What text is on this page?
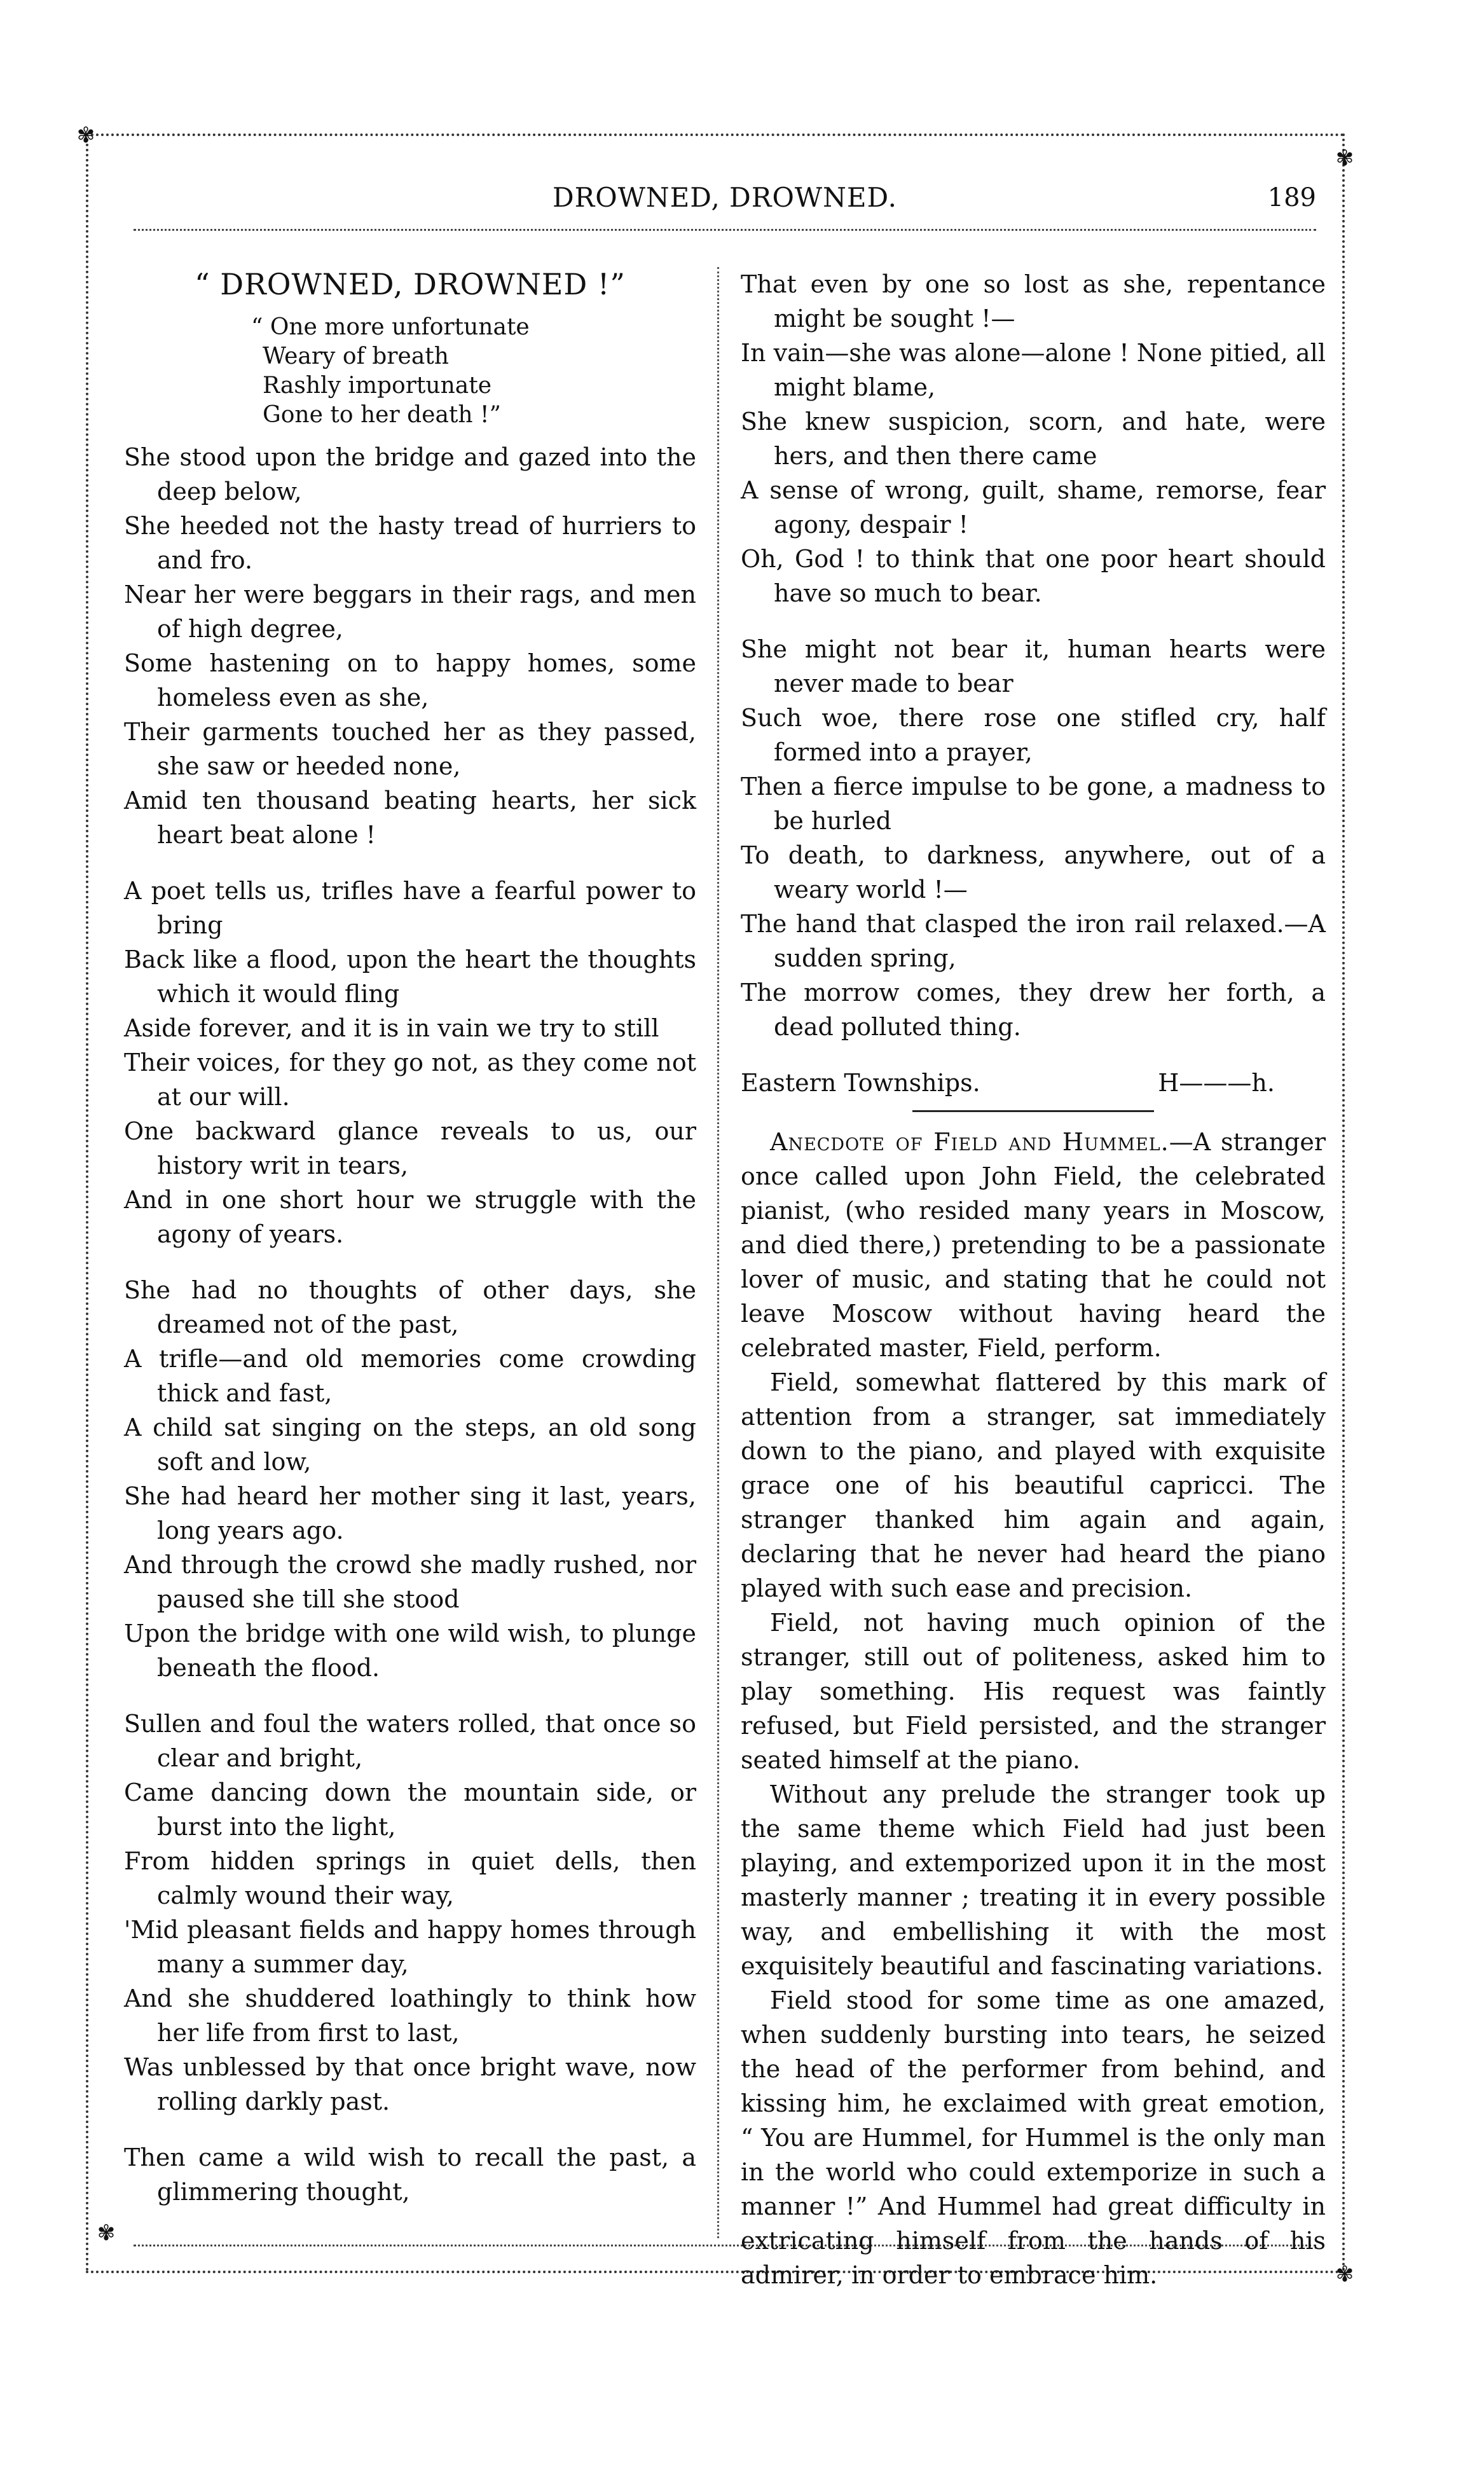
✾
✾
✾
✾
DROWNED, DROWNED.	189
“ DROWNED, DROWNED !”
“ One more unfortunate
Weary of breath
Rashly importunate
Gone to her death !”

She stood upon the bridge and gazed into the deep below,

She heeded not the hasty tread of hurriers to and fro.

Near her were beggars in their rags, and men of high degree,

Some hastening on to happy homes, some homeless even as she,

Their garments touched her as they passed, she saw or heeded none,

Amid ten thousand beating hearts, her sick heart beat alone !

A poet tells us, trifles have a fearful power to bring

Back like a flood, upon the heart the thoughts which it would fling

Aside forever, and it is in vain we try to still

Their voices, for they go not, as they come not at our will.

One backward glance reveals to us, our history writ in tears,

And in one short hour we struggle with the agony of years.

She had no thoughts of other days, she dreamed not of the past,

A trifle—and old memories come crowding thick and fast,

A child sat singing on the steps, an old song soft and low,

She had heard her mother sing it last, years, long years ago.

And through the crowd she madly rushed, nor paused she till she stood

Upon the bridge with one wild wish, to plunge beneath the flood.

Sullen and foul the waters rolled, that once so clear and bright,

Came dancing down the mountain side, or burst into the light,

From hidden springs in quiet dells, then calmly wound their way,

'Mid pleasant fields and happy homes through many a summer day,

And she shuddered loathingly to think how her life from first to last,

Was unblessed by that once bright wave, now rolling darkly past.

Then came a wild wish to recall the past, a glimmering thought,

That even by one so lost as she, repentance might be sought !—

In vain—she was alone—alone ! None pitied, all might blame,

She knew suspicion, scorn, and hate, were hers, and then there came

A sense of wrong, guilt, shame, remorse, fear agony, despair !

Oh, God ! to think that one poor heart should have so much to bear.

She might not bear it, human hearts were never made to bear

Such woe, there rose one stifled cry, half formed into a prayer,

Then a fierce impulse to be gone, a madness to be hurled

To death, to darkness, anywhere, out of a weary world !—

The hand that clasped the iron rail relaxed.—A sudden spring,

The morrow comes, they drew her forth, a dead polluted thing.

Eastern Townships.	H———h.

Anecdote of Field and Hummel.—A stranger once called upon John Field, the celebrated pianist, (who resided many years in Moscow, and died there,) pretending to be a passionate lover of music, and stating that he could not leave Moscow without having heard the celebrated master, Field, perform.

Field, somewhat flattered by this mark of attention from a stranger, sat immediately down to the piano, and played with exquisite grace one of his beautiful capricci. The stranger thanked him again and again, declaring that he never had heard the piano played with such ease and precision.

Field, not having much opinion of the stranger, still out of politeness, asked him to play something. His request was faintly refused, but Field persisted, and the stranger seated himself at the piano.

Without any prelude the stranger took up the same theme which Field had just been playing, and extemporized upon it in the most masterly manner ; treating it in every possible way, and embellishing it with the most exquisitely beautiful and fascinating variations.

Field stood for some time as one amazed, when suddenly bursting into tears, he seized the head of the performer from behind, and kissing him, he exclaimed with great emotion, “ You are Hummel, for Hummel is the only man in the world who could extemporize in such a manner !” And Hummel had great difficulty in extricating himself from the hands of his admirer, in order to embrace him.
